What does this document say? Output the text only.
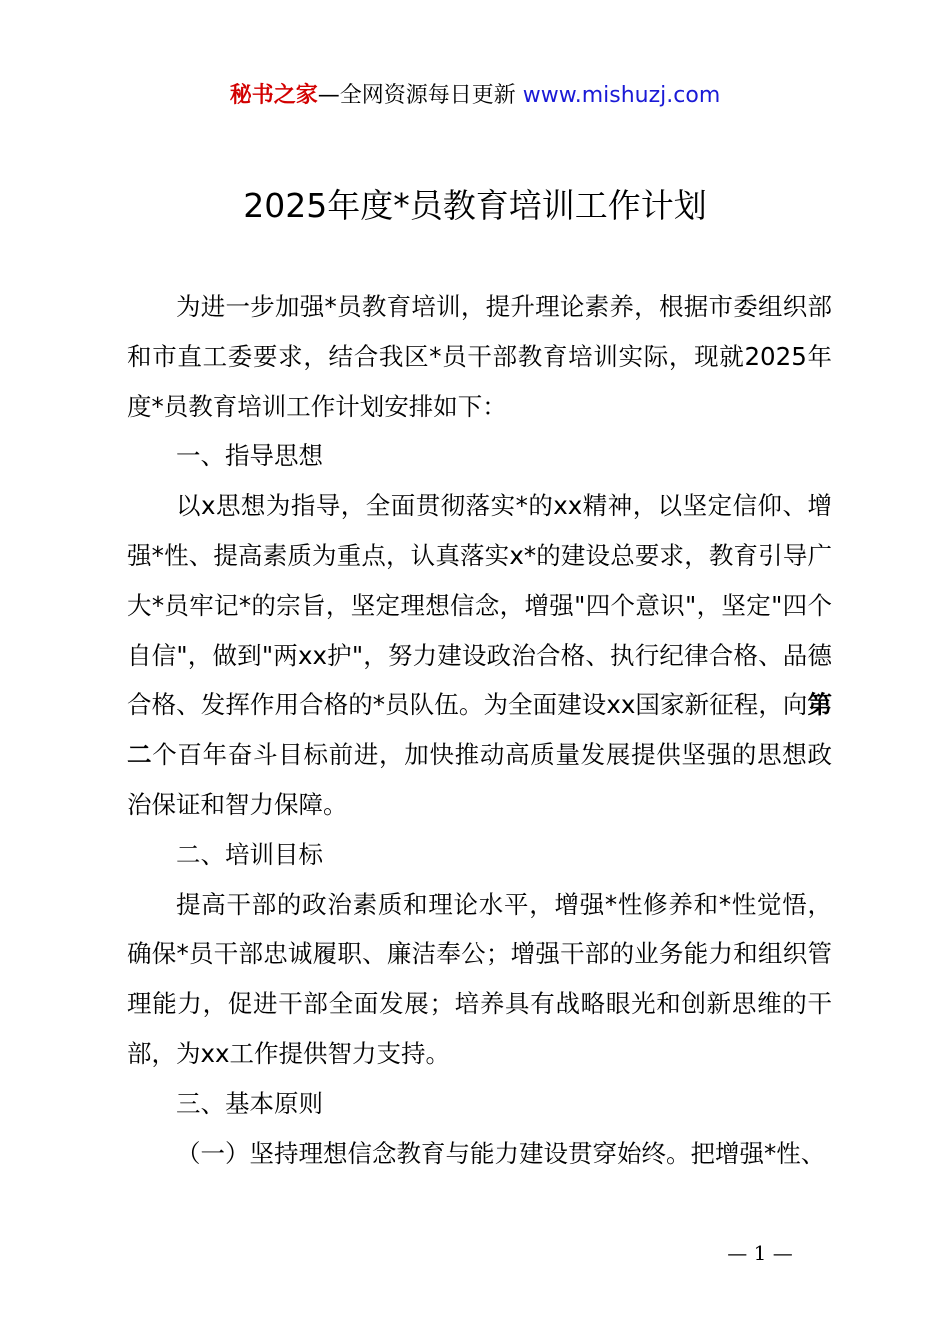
秘书之家—全网资源每日更新 www.mishuzj.com
2025年度*员教育培训工作计划

为进一步加强*员教育培训，提升理论素养，根据市委组织部和市直工委要求，结合我区*员干部教育培训实际，现就2025年度*员教育培训工作计划安排如下：

一、指导思想

以x思想为指导，全面贯彻落实*的xx精神，以坚定信仰、增强*性、提高素质为重点，认真落实x*的建设总要求，教育引导广大*员牢记*的宗旨，坚定理想信念，增强"四个意识"，坚定"四个自信"，做到"两xx护"，努力建设政治合格、执行纪律合格、品德合格、发挥作用合格的*员队伍。为全面建设xx国家新征程，向第二个百年奋斗目标前进，加快推动高质量发展提供坚强的思想政治保证和智力保障。

二、培训目标

提高干部的政治素质和理论水平，增强*性修养和*性觉悟，确保*员干部忠诚履职、廉洁奉公；增强干部的业务能力和组织管理能力，促进干部全面发展；培养具有战略眼光和创新思维的干部，为xx工作提供智力支持。

三、基本原则

（一）坚持理想信念教育与能力建设贯穿始终。把增强*性、

— 1 —
